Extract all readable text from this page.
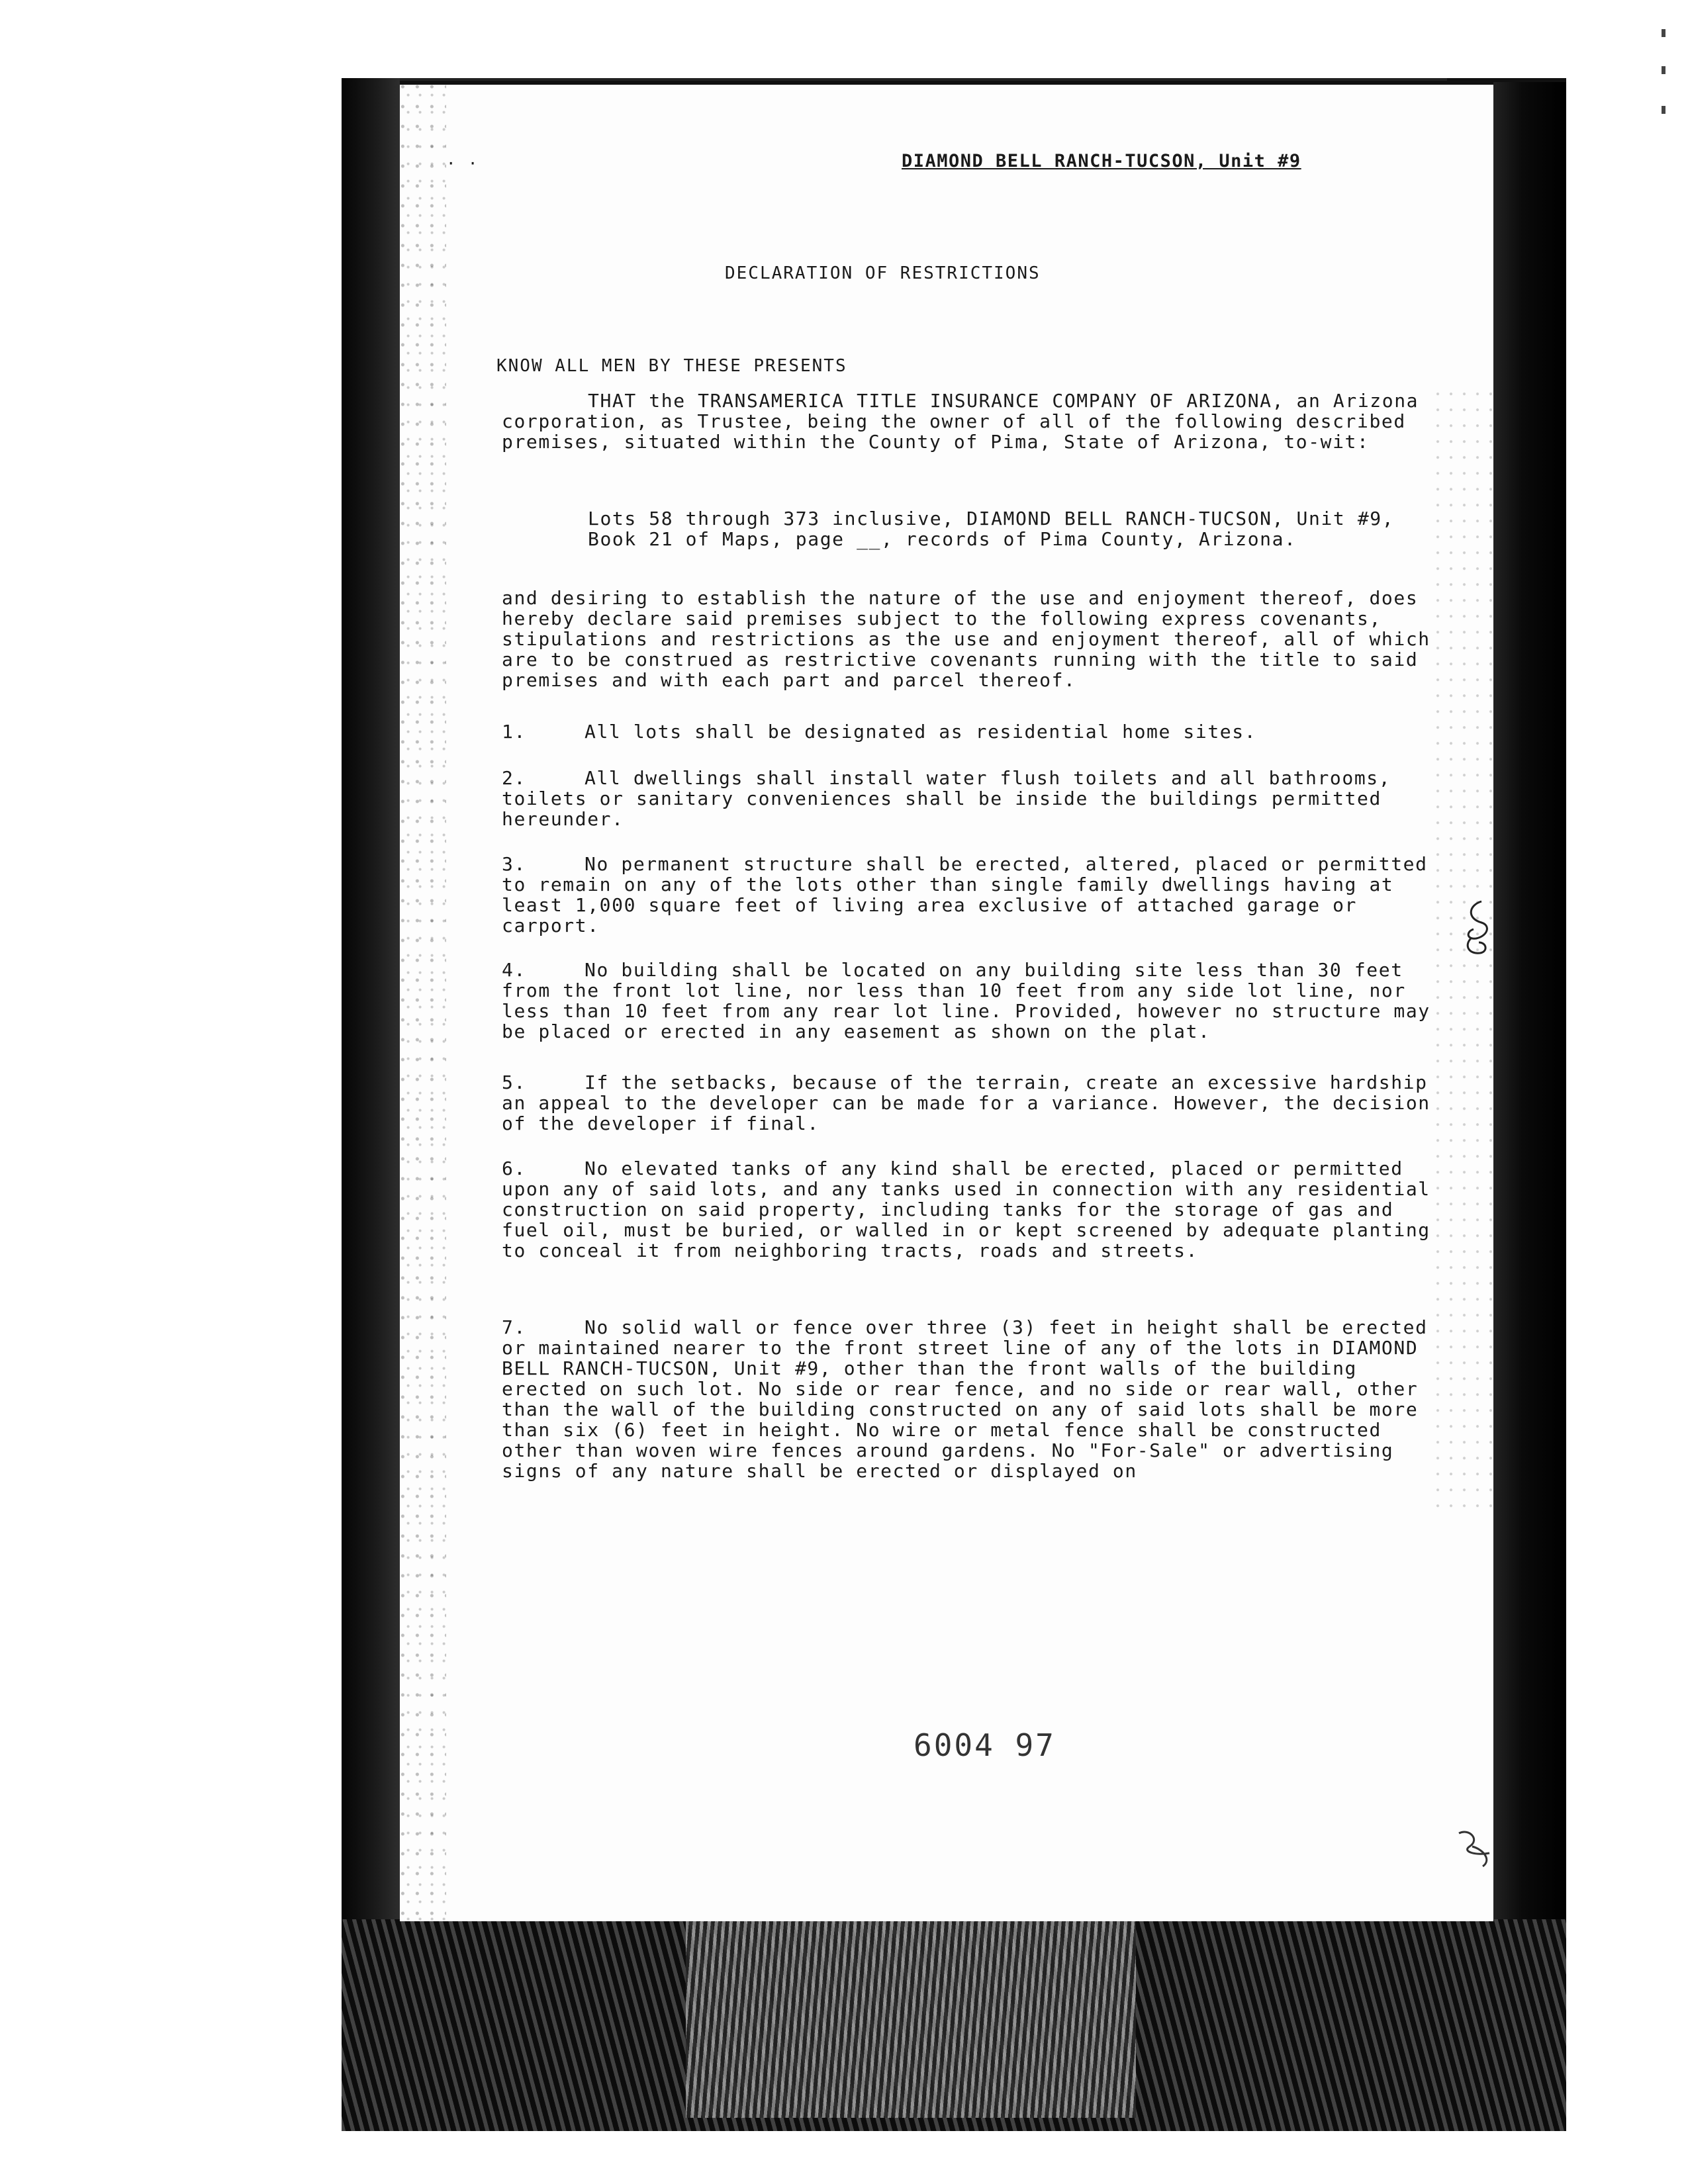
· ·	DIAMOND BELL RANCH-TUCSON, Unit #9
DECLARATION OF RESTRICTIONS
KNOW ALL MEN BY THESE PRESENTS
THAT the TRANSAMERICA TITLE INSURANCE COMPANY OF ARIZONA, an Arizona corporation, as Trustee, being the owner of all of the following described premises, situated within the County of Pima, State of Arizona, to-wit:
Lots 58 through 373 inclusive, DIAMOND BELL RANCH-TUCSON, Unit #9, Book 21 of Maps, page __, records of Pima County, Arizona.
and desiring to establish the nature of the use and enjoyment thereof, does hereby declare said premises subject to the following express covenants, stipulations and restrictions as the use and enjoyment thereof, all of which are to be construed as restrictive covenants running with the title to said premises and with each part and parcel thereof.
1.	All lots shall be designated as residential home sites.
2.	All dwellings shall install water flush toilets and all bathrooms, toilets or sanitary conveniences shall be inside the buildings permitted hereunder.
3.	No permanent structure shall be erected, altered, placed or permitted to remain on any of the lots other than single family dwellings having at least 1,000 square feet of living area exclusive of attached garage or carport.
4.	No building shall be located on any building site less than 30 feet from the front lot line, nor less than 10 feet from any side lot line, nor less than 10 feet from any rear lot line. Provided, however no structure may be placed or erected in any easement as shown on the plat.
5.	If the setbacks, because of the terrain, create an excessive hardship an appeal to the developer can be made for a variance. However, the decision of the developer if final.
6.	No elevated tanks of any kind shall be erected, placed or permitted upon any of said lots, and any tanks used in connection with any residential construction on said property, including tanks for the storage of gas and fuel oil, must be buried, or walled in or kept screened by adequate planting to conceal it from neighboring tracts, roads and streets.
7.	No solid wall or fence over three (3) feet in height shall be erected or maintained nearer to the front street line of any of the lots in DIAMOND BELL RANCH-TUCSON, Unit #9, other than the front walls of the building erected on such lot. No side or rear fence, and no side or rear wall, other than the wall of the building constructed on any of said lots shall be more than six (6) feet in height. No wire or metal fence shall be constructed other than woven wire fences around gardens. No "For-Sale" or advertising signs of any nature shall be erected or displayed on
6004 97
